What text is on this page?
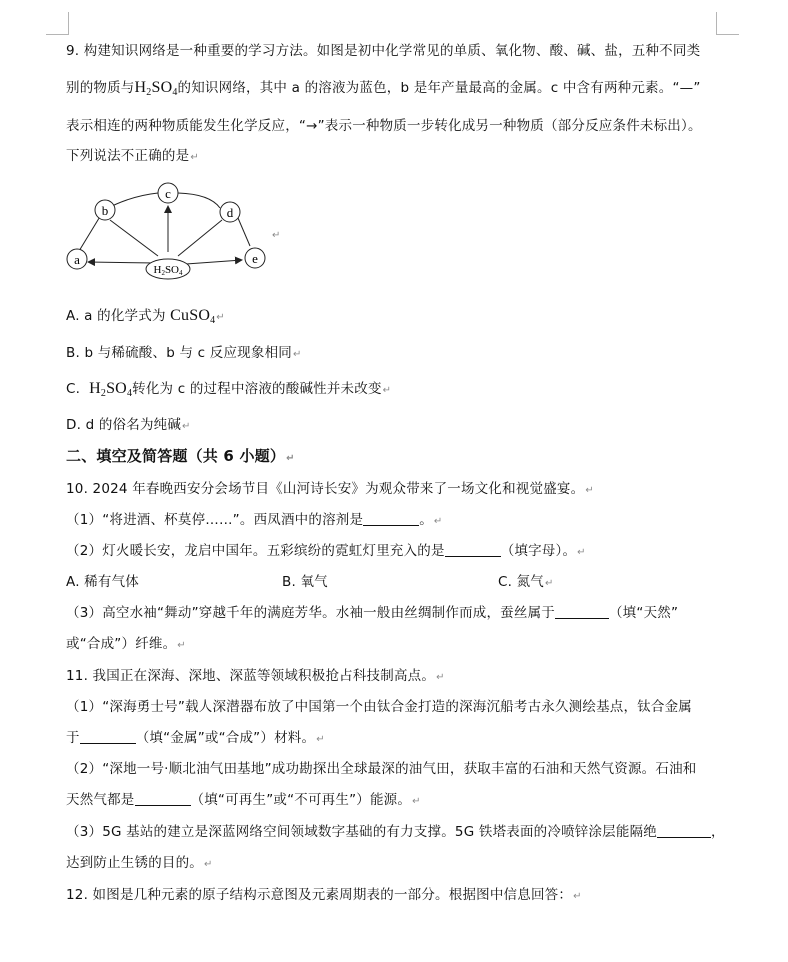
9. 构建知识网络是一种重要的学习方法。如图是初中化学常见的单质、氧化物、酸、碱、盐，五种不同类
别的物质与$H_2SO_4$的知识网络，其中 a 的溶液为蓝色，b 是年产量最高的金属。c 中含有两种元素。“—”
表示相连的两种物质能发生化学反应，“→”表示一种物质一步转化成另一种物质（部分反应条件未标出）。
下列说法不正确的是↵
a
b
c
d
e
H2SO4
↵
A. a 的化学式为 CuSO$_4$↵
B. b 与稀硫酸、b 与 c 反应现象相同↵
C. $H_2SO_4$转化为 c 的过程中溶液的酸碱性并未改变↵
D. d 的俗名为纯碱↵
二、填空及简答题（共 6 小题）↵
10. 2024 年春晚西安分会场节目《山河诗长安》为观众带来了一场文化和视觉盛宴。↵
（1）“将进酒、杯莫停……”。西凤酒中的溶剂是	。↵
（2）灯火暖长安，龙启中国年。五彩缤纷的霓虹灯里充入的是	（填字母）。↵
A. 稀有气体	B. 氧气	C. 氮气↵
（3）高空水袖“舞动”穿越千年的满庭芳华。水袖一般由丝绸制作而成，蚕丝属于	（填“天然”
或“合成”）纤维。↵
11. 我国正在深海、深地、深蓝等领域积极抢占科技制高点。↵
（1）“深海勇士号”载人深潜器布放了中国第一个由钛合金打造的深海沉船考古永久测绘基点，钛合金属
于	（填“金属”或“合成”）材料。↵
（2）“深地一号·顺北油气田基地”成功勘探出全球最深的油气田，获取丰富的石油和天然气资源。石油和
天然气都是	（填“可再生”或“不可再生”）能源。↵
（3）5G 基站的建立是深蓝网络空间领域数字基础的有力支撑。5G 铁塔表面的冷喷锌涂层能隔绝	，
达到防止生锈的目的。↵
12. 如图是几种元素的原子结构示意图及元素周期表的一部分。根据图中信息回答：↵
